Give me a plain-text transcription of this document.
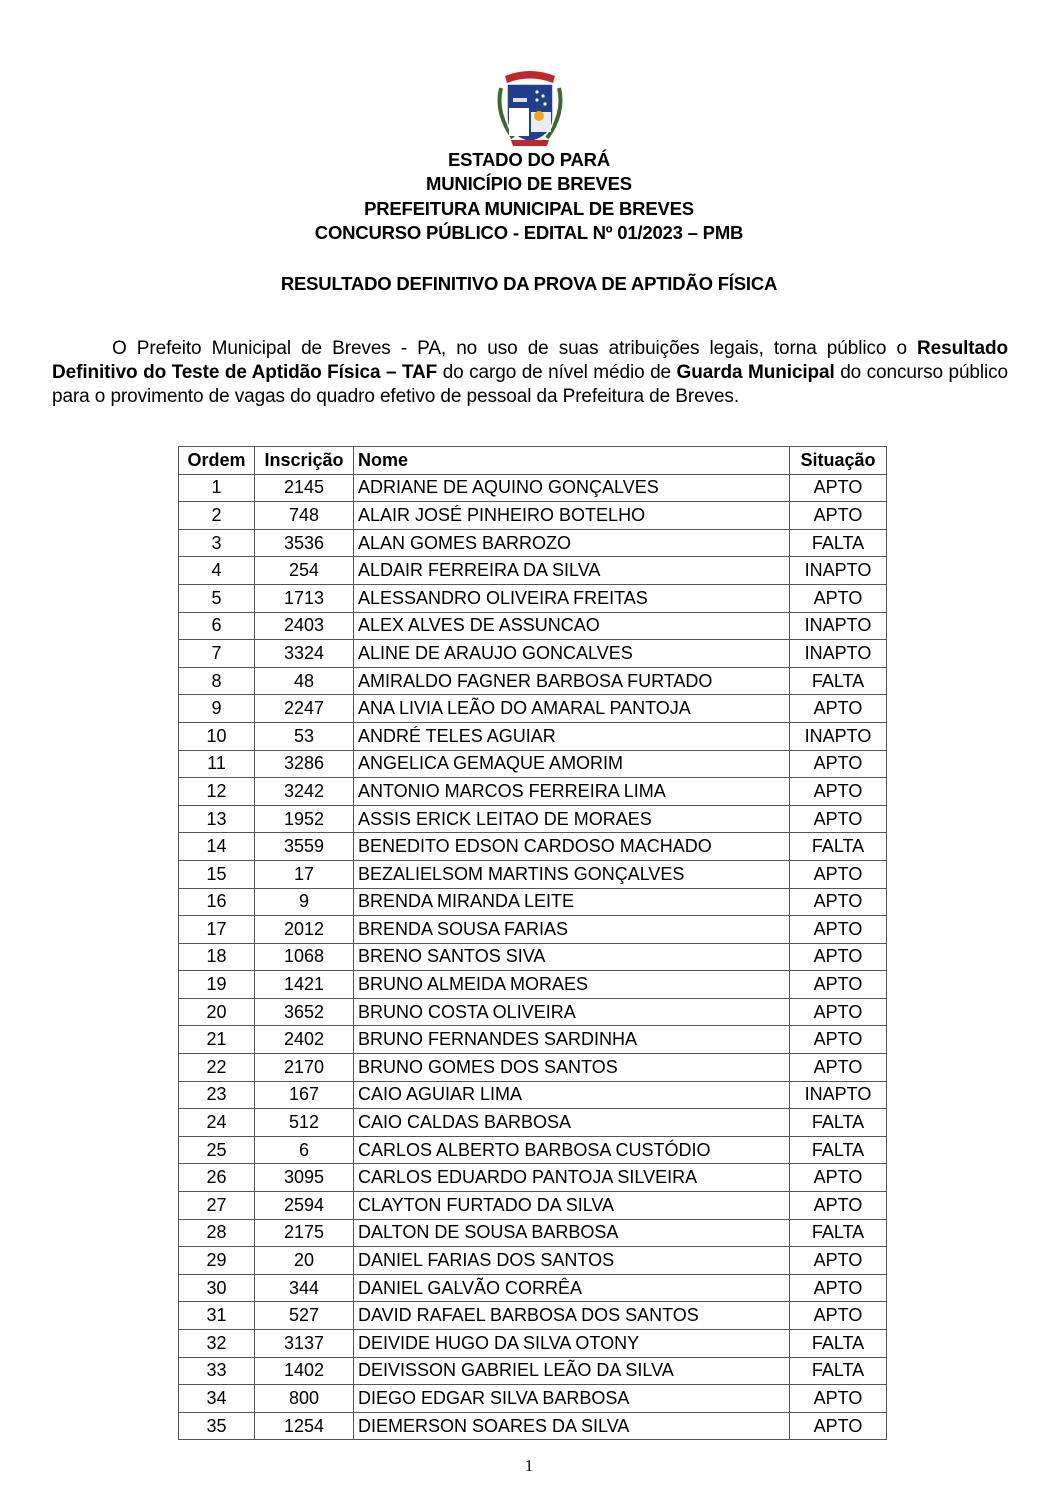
ESTADO DO PARÁ
MUNICÍPIO DE BREVES
PREFEITURA MUNICIPAL DE BREVES
CONCURSO PÚBLICO - EDITAL Nº 01/2023 – PMB
RESULTADO DEFINITIVO DA PROVA DE APTIDÃO FÍSICA

O Prefeito Municipal de Breves - PA, no uso de suas atribuições legais, torna público o Resultado Definitivo do Teste de Aptidão Física – TAF do cargo de nível médio de Guarda Municipal do concurso público para o provimento de vagas do quadro efetivo de pessoal da Prefeitura de Breves.

Ordem	Inscrição	Nome	Situação
1	2145	ADRIANE DE AQUINO GONÇALVES	APTO
2	748	ALAIR JOSÉ PINHEIRO BOTELHO	APTO
3	3536	ALAN GOMES BARROZO	FALTA
4	254	ALDAIR FERREIRA DA SILVA	INAPTO
5	1713	ALESSANDRO OLIVEIRA FREITAS	APTO
6	2403	ALEX ALVES DE ASSUNCAO	INAPTO
7	3324	ALINE DE ARAUJO GONCALVES	INAPTO
8	48	AMIRALDO FAGNER BARBOSA FURTADO	FALTA
9	2247	ANA LIVIA LEÃO DO AMARAL PANTOJA	APTO
10	53	ANDRÉ TELES AGUIAR	INAPTO
11	3286	ANGELICA GEMAQUE AMORIM	APTO
12	3242	ANTONIO MARCOS FERREIRA LIMA	APTO
13	1952	ASSIS ERICK LEITAO DE MORAES	APTO
14	3559	BENEDITO EDSON CARDOSO MACHADO	FALTA
15	17	BEZALIELSOM MARTINS GONÇALVES	APTO
16	9	BRENDA MIRANDA LEITE	APTO
17	2012	BRENDA SOUSA FARIAS	APTO
18	1068	BRENO SANTOS SIVA	APTO
19	1421	BRUNO ALMEIDA MORAES	APTO
20	3652	BRUNO COSTA OLIVEIRA	APTO
21	2402	BRUNO FERNANDES SARDINHA	APTO
22	2170	BRUNO GOMES DOS SANTOS	APTO
23	167	CAIO AGUIAR LIMA	INAPTO
24	512	CAIO CALDAS BARBOSA	FALTA
25	6	CARLOS ALBERTO BARBOSA CUSTÓDIO	FALTA
26	3095	CARLOS EDUARDO PANTOJA SILVEIRA	APTO
27	2594	CLAYTON FURTADO DA SILVA	APTO
28	2175	DALTON DE SOUSA BARBOSA	FALTA
29	20	DANIEL FARIAS DOS SANTOS	APTO
30	344	DANIEL GALVÃO CORRÊA	APTO
31	527	DAVID RAFAEL BARBOSA DOS SANTOS	APTO
32	3137	DEIVIDE HUGO DA SILVA OTONY	FALTA
33	1402	DEIVISSON GABRIEL LEÃO DA SILVA	FALTA
34	800	DIEGO EDGAR SILVA BARBOSA	APTO
35	1254	DIEMERSON SOARES DA SILVA	APTO
1
